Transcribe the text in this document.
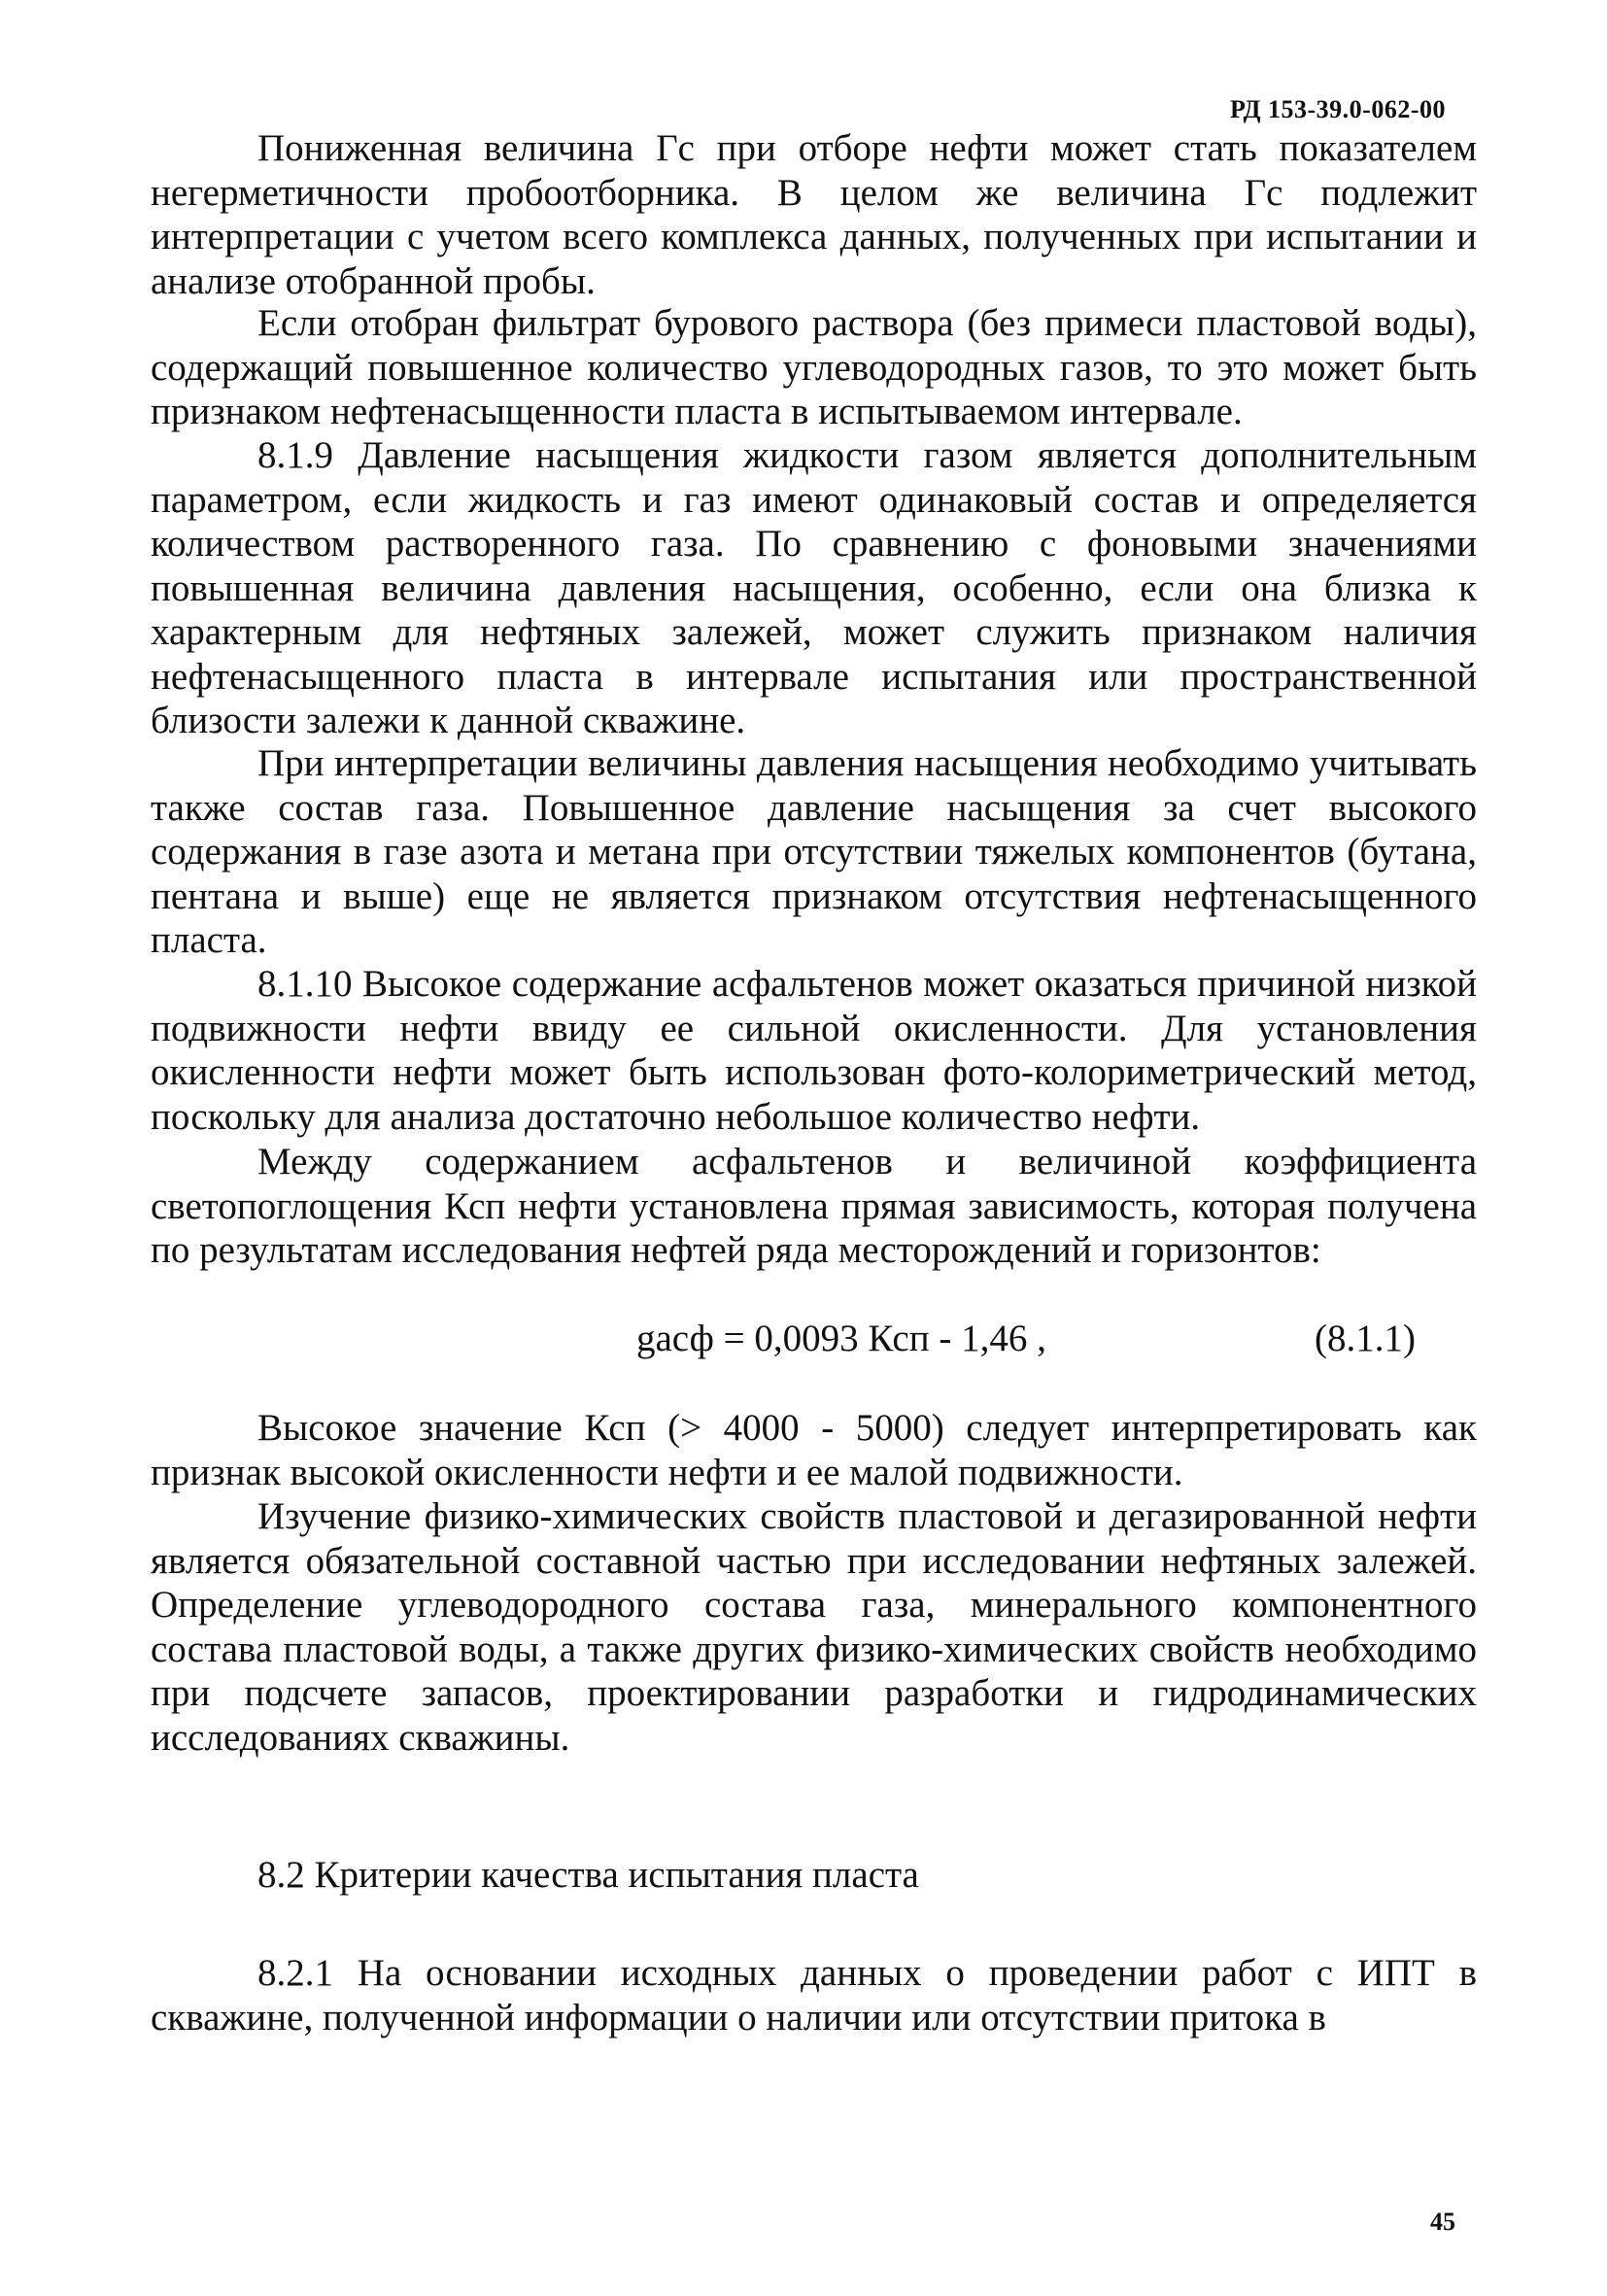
РД 153-39.0-062-00

Пониженная величина Гс при отборе нефти может стать показателем негерметичности пробоотборника. В целом же величина Гс подлежит интерпретации с учетом всего комплекса данных, полученных при испытании и анализе отобранной пробы.

Если отобран фильтрат бурового раствора (без примеси пластовой воды), содержащий повышенное количество углеводородных газов, то это может быть признаком нефтенасыщенности пласта в испытываемом интервале.

8.1.9 Давление насыщения жидкости газом является дополнительным параметром, если жидкость и газ имеют одинаковый состав и определяется количеством растворенного газа. По сравнению с фоновыми значениями повышенная величина давления насыщения, особенно, если она близка к характерным для нефтяных залежей, может служить признаком наличия нефтенасыщенного пласта в интервале испытания или пространственной близости залежи к данной скважине.

При интерпретации величины давления насыщения необходимо учитывать также состав газа. Повышенное давление насыщения за счет высокого содержания в газе азота и метана при отсутствии тяжелых компонентов (бутана, пентана и выше) еще не является признаком отсутствия нефтенасыщенного пласта.

8.1.10 Высокое содержание асфальтенов может оказаться причиной низкой подвижности нефти ввиду ее сильной окисленности. Для установления окисленности нефти может быть использован фото-колориметрический метод, поскольку для анализа достаточно небольшое количество нефти.

Между содержанием асфальтенов и величиной коэффициента светопоглощения Ксп нефти установлена прямая зависимость, которая получена по результатам исследования нефтей ряда месторождений и горизонтов:

gасф = 0,0093 Ксп - 1,46 ,	(8.1.1)

Высокое значение Ксп (> 4000 - 5000) следует интерпретировать как признак высокой окисленности нефти и ее малой подвижности.

Изучение физико-химических свойств пластовой и дегазированной нефти является обязательной составной частью при исследовании нефтяных залежей. Определение углеводородного состава газа, минерального компонентного состава пластовой воды, а также других физико-химических свойств необходимо при подсчете запасов, проектировании разработки и гидродинамических исследованиях скважины.

8.2 Критерии качества испытания пласта

8.2.1 На основании исходных данных о проведении работ с ИПТ в скважине, полученной информации о наличии или отсутствии притока в

45
